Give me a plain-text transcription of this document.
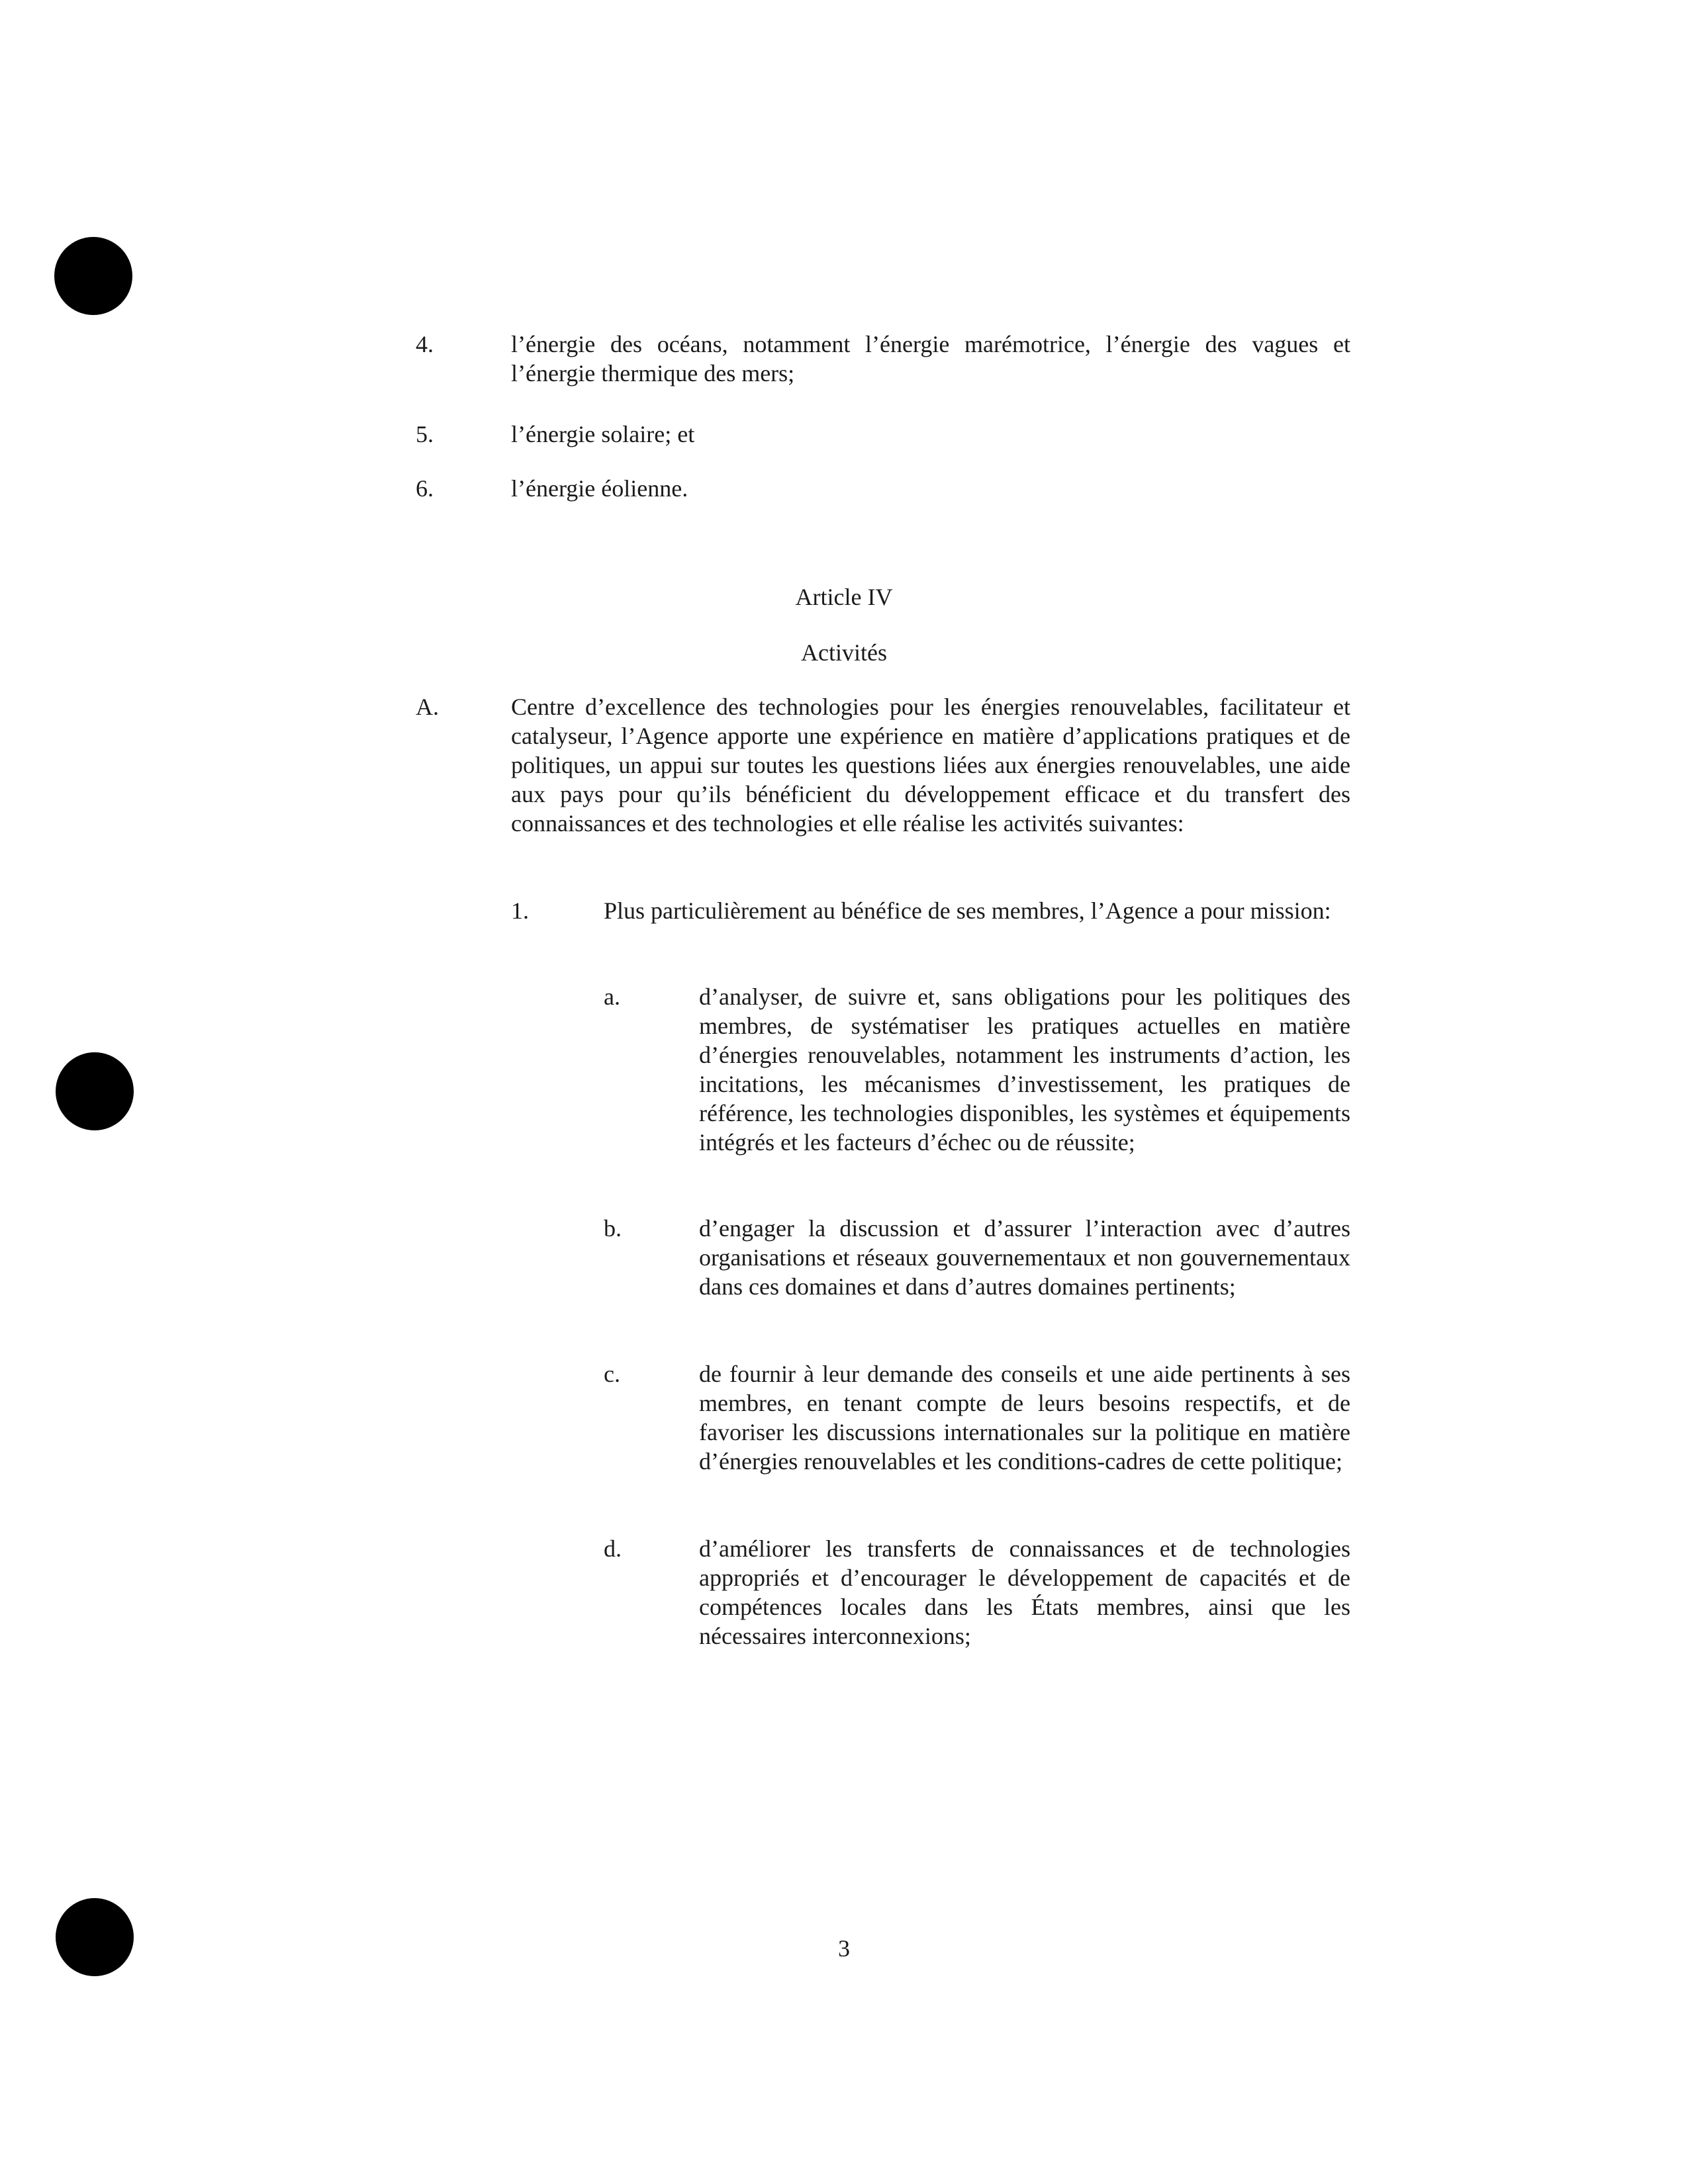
4.	l’énergie des océans, notamment l’énergie marémotrice, l’énergie des vagues et l’énergie thermique des mers;
5.	l’énergie solaire; et
6.	l’énergie éolienne.
Article IV
Activités
A.	Centre d’excellence des technologies pour les énergies renouvelables, facilitateur et catalyseur, l’Agence apporte une expérience en matière d’applications pratiques et de politiques, un appui sur toutes les questions liées aux énergies renouvelables, une aide aux pays pour qu’ils bénéficient du développement efficace et du transfert des connaissances et des technologies et elle réalise les activités suivantes:
1.	Plus particulièrement au bénéfice de ses membres, l’Agence a pour mission:
a.	d’analyser, de suivre et, sans obligations pour les politiques des membres, de systématiser les pratiques actuelles en matière d’énergies renouvelables, notamment les instruments d’action, les incitations, les mécanismes d’investissement, les pratiques de référence, les technologies disponibles, les systèmes et équipements intégrés et les facteurs d’échec ou de réussite;
b.	d’engager la discussion et d’assurer l’interaction avec d’autres organisations et réseaux gouvernementaux et non gouvernementaux dans ces domaines et dans d’autres domaines pertinents;
c.	de fournir à leur demande des conseils et une aide pertinents à ses membres, en tenant compte de leurs besoins respectifs, et de favoriser les discussions internationales sur la politique en matière d’énergies renouvelables et les conditions-cadres de cette politique;
d.	d’améliorer les transferts de connaissances et de technologies appropriés et d’encourager le développement de capacités et de compétences locales dans les États membres, ainsi que les nécessaires interconnexions;
3
